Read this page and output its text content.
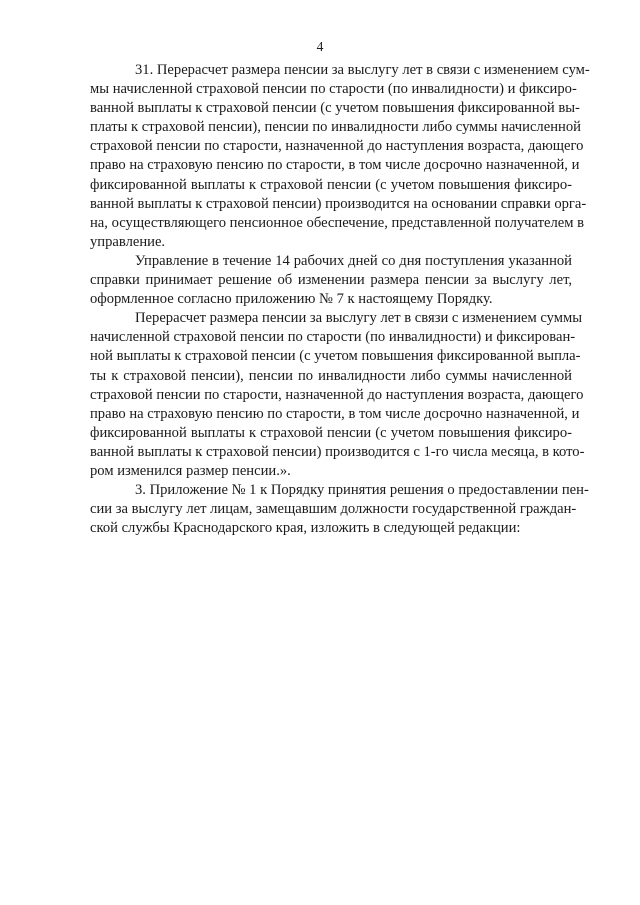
4

31. Перерасчет размера пенсии за выслугу лет в связи с изменением сум-
мы начисленной страховой пенсии по старости (по инвалидности) и фиксиро-
ванной выплаты к страховой пенсии (с учетом повышения фиксированной вы-
платы к страховой пенсии), пенсии по инвалидности либо суммы начисленной
страховой пенсии по старости, назначенной до наступления возраста, дающего
право на страховую пенсию по старости, в том числе досрочно назначенной, и
фиксированной выплаты к страховой пенсии (с учетом повышения фиксиро-
ванной выплаты к страховой пенсии) производится на основании справки орга-
на, осуществляющего пенсионное обеспечение, представленной получателем в
управление.

Управление в течение 14 рабочих дней со дня поступления указанной
справки принимает решение об изменении размера пенсии за выслугу лет,
оформленное согласно приложению № 7 к настоящему Порядку.

Перерасчет размера пенсии за выслугу лет в связи с изменением суммы
начисленной страховой пенсии по старости (по инвалидности) и фиксирован-
ной выплаты к страховой пенсии (с учетом повышения фиксированной выпла-
ты к страховой пенсии), пенсии по инвалидности либо суммы начисленной
страховой пенсии по старости, назначенной до наступления возраста, дающего
право на страховую пенсию по старости, в том числе досрочно назначенной, и
фиксированной выплаты к страховой пенсии (с учетом повышения фиксиро-
ванной выплаты к страховой пенсии) производится с 1-го числа месяца, в кото-
ром изменился размер пенсии.».

3. Приложение № 1 к Порядку принятия решения о предоставлении пен-
сии за выслугу лет лицам, замещавшим должности государственной граждан-
ской службы Краснодарского края, изложить в следующей редакции:
